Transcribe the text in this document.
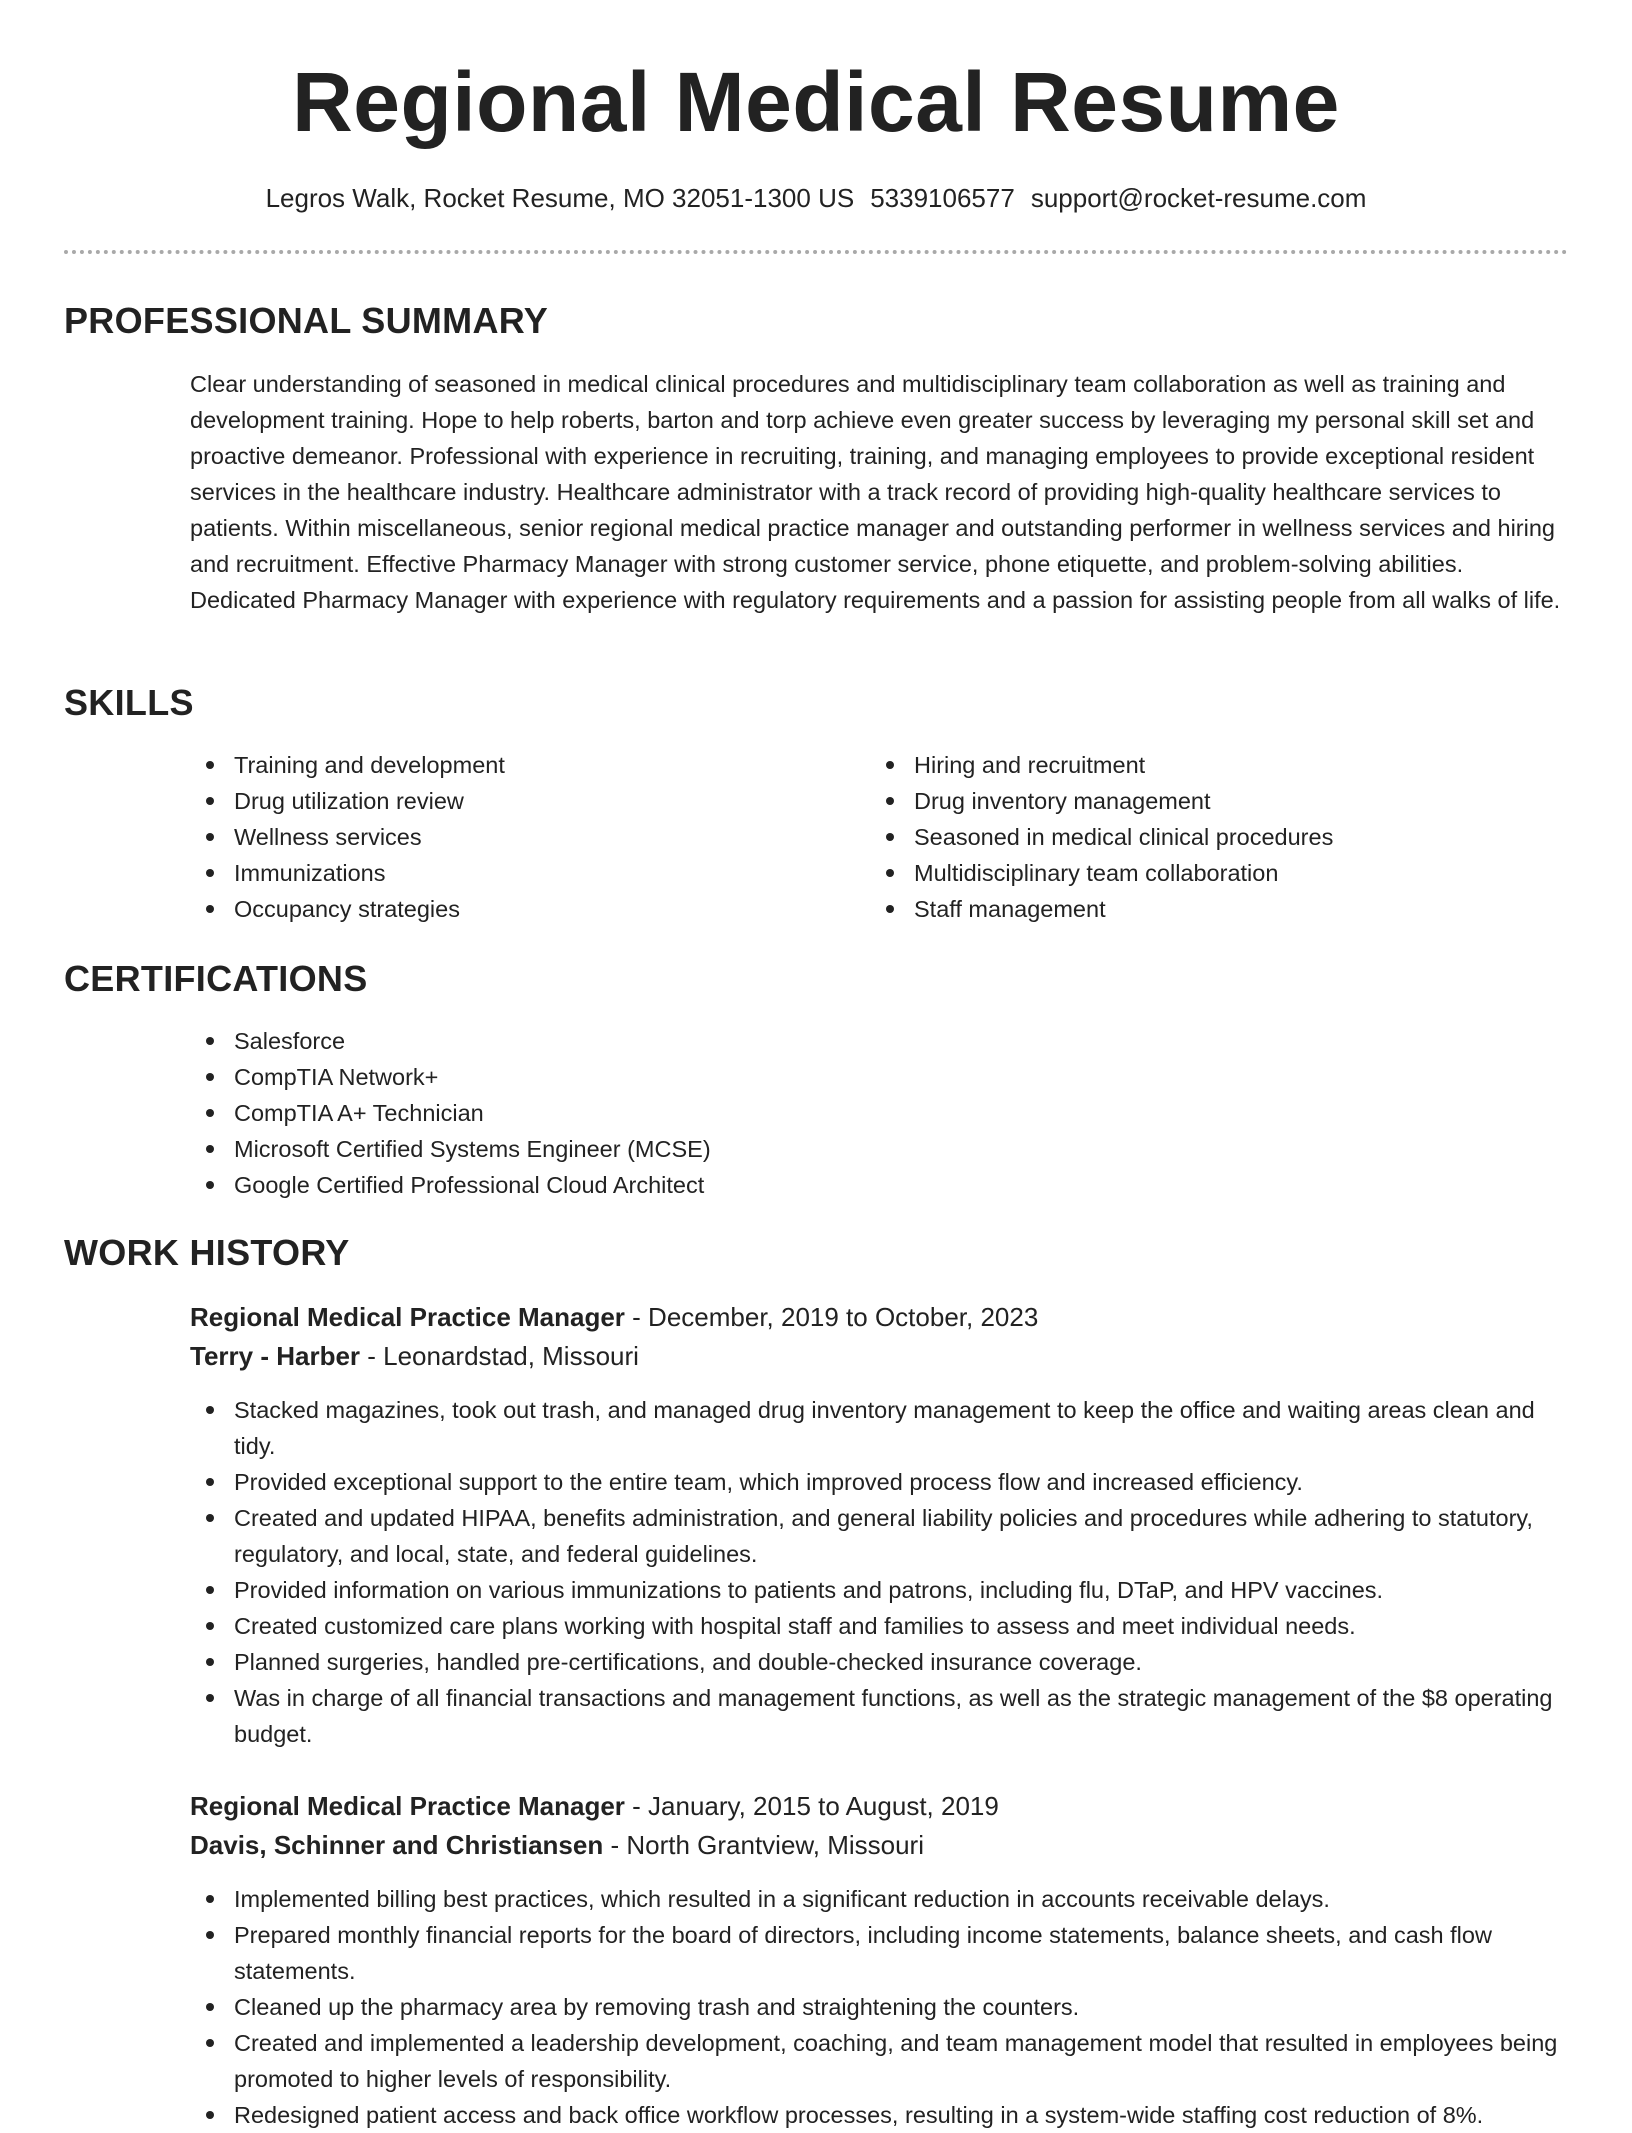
Regional Medical Resume
Legros Walk, Rocket Resume, MO 32051-1300 US 5339106577 support@rocket-resume.com
PROFESSIONAL SUMMARY
Clear understanding of seasoned in medical clinical procedures and multidisciplinary team collaboration as well as training and development training. Hope to help roberts, barton and torp achieve even greater success by leveraging my personal skill set and proactive demeanor. Professional with experience in recruiting, training, and managing employees to provide exceptional resident services in the healthcare industry. Healthcare administrator with a track record of providing high-quality healthcare services to patients. Within miscellaneous, senior regional medical practice manager and outstanding performer in wellness services and hiring and recruitment. Effective Pharmacy Manager with strong customer service, phone etiquette, and problem-solving abilities. Dedicated Pharmacy Manager with experience with regulatory requirements and a passion for assisting people from all walks of life.
SKILLS
Training and development
Drug utilization review
Wellness services
Immunizations
Occupancy strategies
Hiring and recruitment
Drug inventory management
Seasoned in medical clinical procedures
Multidisciplinary team collaboration
Staff management
CERTIFICATIONS
Salesforce
CompTIA Network+
CompTIA A+ Technician
Microsoft Certified Systems Engineer (MCSE)
Google Certified Professional Cloud Architect
WORK HISTORY
Regional Medical Practice Manager - December, 2019 to October, 2023
Terry - Harber - Leonardstad, Missouri
Stacked magazines, took out trash, and managed drug inventory management to keep the office and waiting areas clean and tidy.
Provided exceptional support to the entire team, which improved process flow and increased efficiency.
Created and updated HIPAA, benefits administration, and general liability policies and procedures while adhering to statutory, regulatory, and local, state, and federal guidelines.
Provided information on various immunizations to patients and patrons, including flu, DTaP, and HPV vaccines.
Created customized care plans working with hospital staff and families to assess and meet individual needs.
Planned surgeries, handled pre-certifications, and double-checked insurance coverage.
Was in charge of all financial transactions and management functions, as well as the strategic management of the $8 operating budget.
Regional Medical Practice Manager - January, 2015 to August, 2019
Davis, Schinner and Christiansen - North Grantview, Missouri
Implemented billing best practices, which resulted in a significant reduction in accounts receivable delays.
Prepared monthly financial reports for the board of directors, including income statements, balance sheets, and cash flow statements.
Cleaned up the pharmacy area by removing trash and straightening the counters.
Created and implemented a leadership development, coaching, and team management model that resulted in employees being promoted to higher levels of responsibility.
Redesigned patient access and back office workflow processes, resulting in a system-wide staffing cost reduction of 8%.
